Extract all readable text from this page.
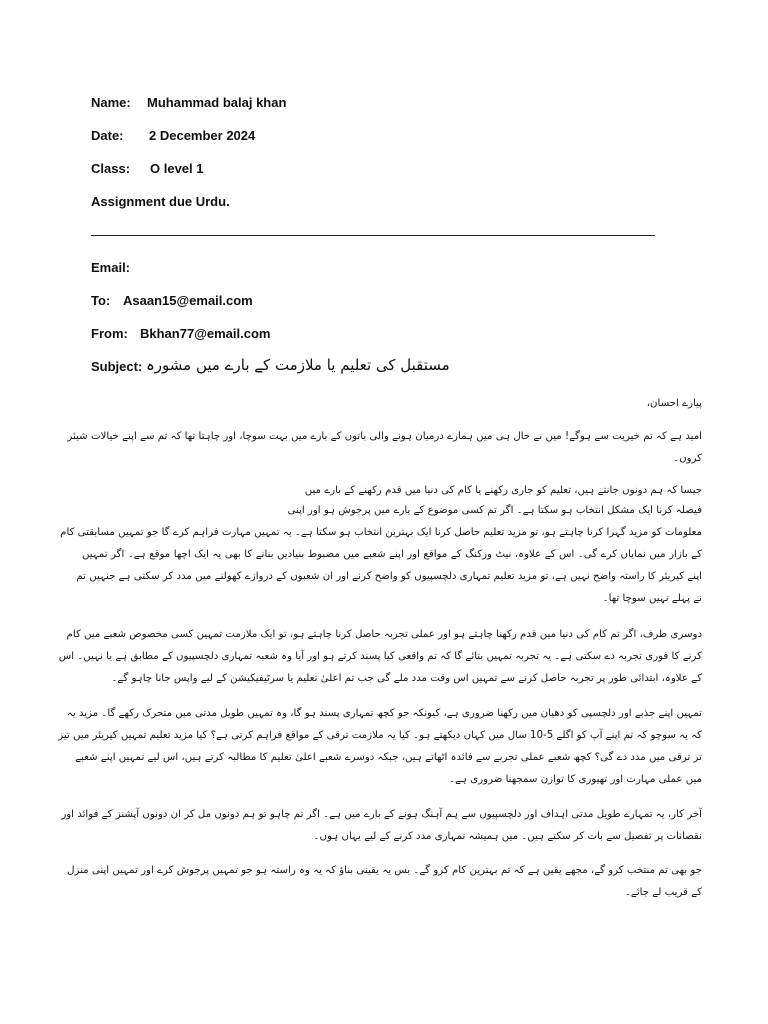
Name: Muhammad balaj khan
Date: 2 December 2024
Class: O level 1
Assignment due Urdu.
Email:
To: Asaan15@email.com
From: Bkhan77@email.com
Subject: مستقبل کی تعلیم یا ملازمت کے بارے میں مشورہ
پیارے احسان،
امید ہے کہ تم خیریت سے ہوگے! میں نے حال ہی میں ہمارے درمیان ہونے والی باتوں کے بارے میں بہت سوچا، اور چاہتا تھا کہ تم سے اپنے خیالات شیئر
کروں۔
جیسا کہ ہم دونوں جانتے ہیں، تعلیم کو جاری رکھنے یا کام کی دنیا میں قدم رکھنے کے بارے میں
فیصلہ کرنا ایک مشکل انتخاب ہو سکتا ہے۔ اگر تم کسی موضوع کے بارے میں پرجوش ہو اور اپنی
معلومات کو مزید گہرا کرنا چاہتے ہو، تو مزید تعلیم حاصل کرنا ایک بہترین انتخاب ہو سکتا ہے۔ یہ تمہیں مہارت فراہم کرے گا جو تمہیں مسابقتی کام
کے بازار میں نمایاں کرے گی۔ اس کے علاوہ، نیٹ ورکنگ کے مواقع اور اپنے شعبے میں مضبوط بنیادیں بنانے کا بھی یہ ایک اچھا موقع ہے۔ اگر تمہیں
اپنے کیریئر کا راستہ واضح نہیں ہے، تو مزید تعلیم تمہاری دلچسپیوں کو واضح کرنے اور ان شعبوں کے دروازے کھولنے میں مدد کر سکتی ہے جنہیں تم
نے پہلے نہیں سوچا تھا۔
دوسری طرف، اگر تم کام کی دنیا میں قدم رکھنا چاہتے ہو اور عملی تجربہ حاصل کرنا چاہتے ہو، تو ایک ملازمت تمہیں کسی مخصوص شعبے میں کام
کرنے کا فوری تجربہ دے سکتی ہے۔ یہ تجربہ تمہیں بتائے گا کہ تم واقعی کیا پسند کرتے ہو اور آیا وہ شعبہ تمہاری دلچسپیوں کے مطابق ہے یا نہیں۔ اس
کے علاوہ، ابتدائی طور پر تجربہ حاصل کرنے سے تمہیں اس وقت مدد ملے گی جب تم اعلیٰ تعلیم یا سرٹیفیکیشن کے لیے واپس جانا چاہو گے۔
تمہیں اپنے جذبے اور دلچسپی کو دھیان میں رکھنا ضروری ہے، کیونکہ جو کچھ تمہاری پسند ہو گا، وہ تمہیں طویل مدتی میں متحرک رکھے گا۔ مزید یہ
کہ یہ سوچو کہ تم اپنے آپ کو اگلے 5-10 سال میں کہاں دیکھتے ہو۔ کیا یہ ملازمت ترقی کے مواقع فراہم کرتی ہے؟ کیا مزید تعلیم تمہیں کیریئر میں تیز
تر ترقی میں مدد دے گی؟ کچھ شعبے عملی تجربے سے فائدہ اٹھاتے ہیں، جبکہ دوسرے شعبے اعلیٰ تعلیم کا مطالبہ کرتے ہیں، اس لیے تمہیں اپنے شعبے
میں عملی مہارت اور تھیوری کا توازن سمجھنا ضروری ہے۔
آخر کار، یہ تمہارے طویل مدتی اہداف اور دلچسپیوں سے ہم آہنگ ہونے کے بارے میں ہے۔ اگر تم چاہو تو ہم دونوں مل کر ان دونوں آپشنز کے فوائد اور
نقصانات پر تفصیل سے بات کر سکتے ہیں۔ میں ہمیشہ تمہاری مدد کرنے کے لیے یہاں ہوں۔
جو بھی تم منتخب کرو گے، مجھے یقین ہے کہ تم بہترین کام کرو گے۔ بس یہ یقینی بناؤ کہ یہ وہ راستہ ہو جو تمہیں پرجوش کرے اور تمہیں اپنی منزل
کے قریب لے جائے۔
